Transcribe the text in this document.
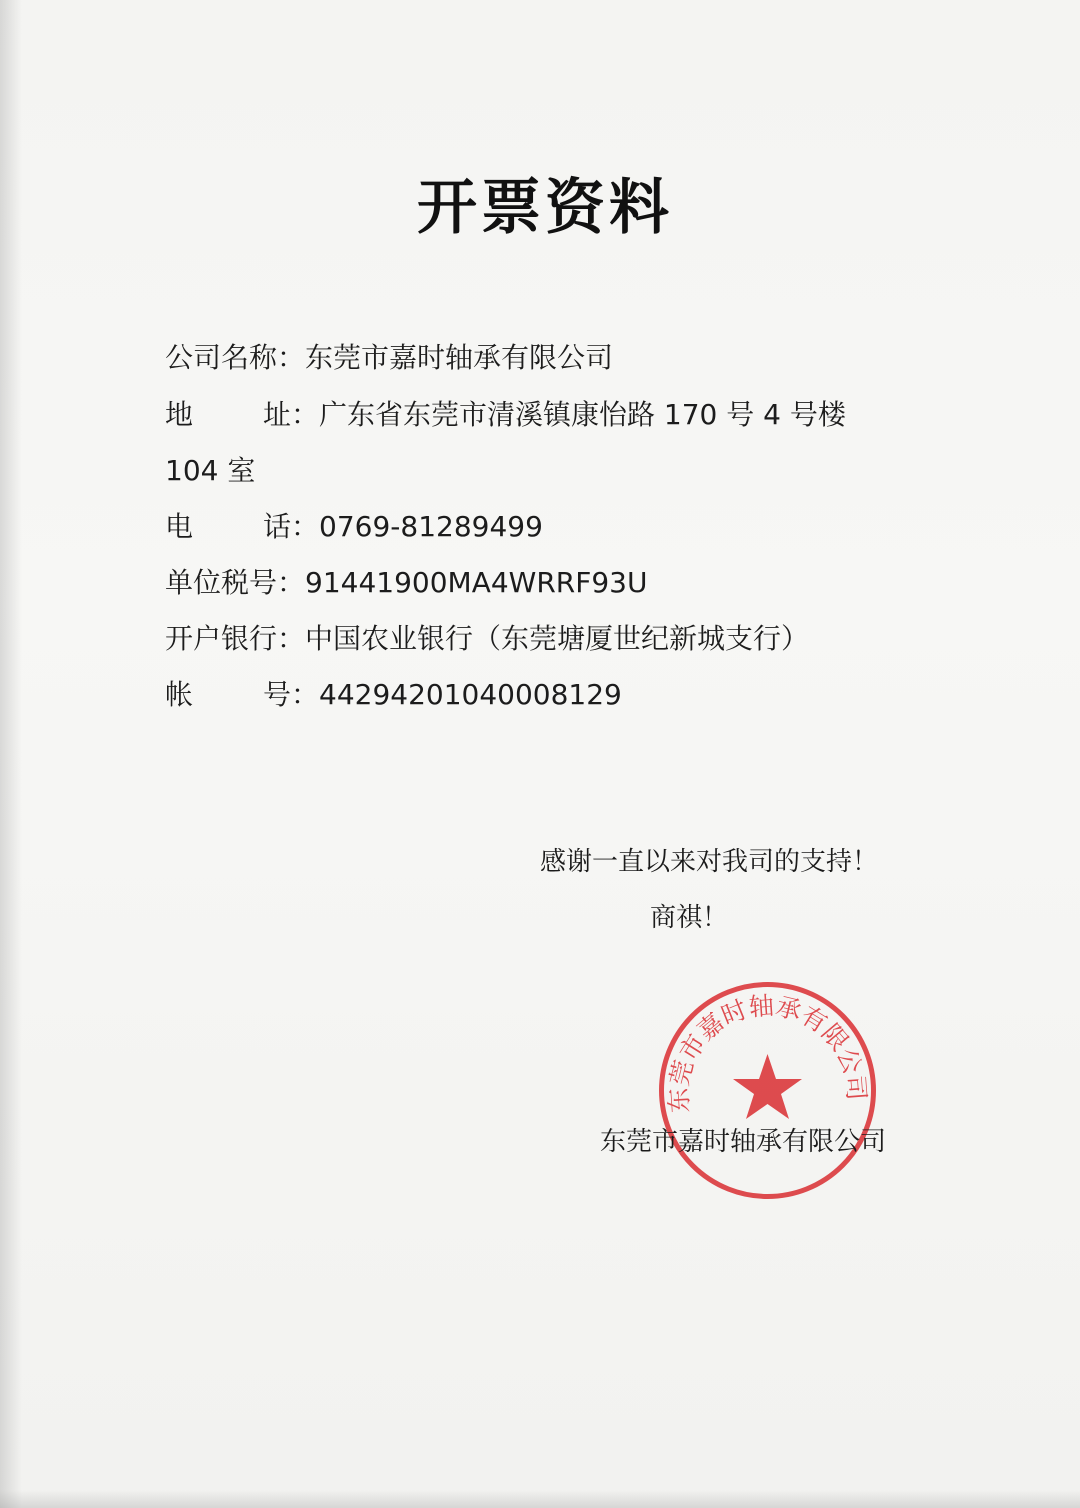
开票资料
公司名称：东莞市嘉时轴承有限公司
地 址：广东省东莞市清溪镇康怡路 170 号 4 号楼
104 室
电 话：0769-81289499
单位税号：91441900MA4WRRF93U
开户银行：中国农业银行（东莞塘厦世纪新城支行）
帐 号：44294201040008129
感谢一直以来对我司的支持！
商祺！
东莞市嘉时轴承有限公司
东莞市嘉时轴承有限公司
